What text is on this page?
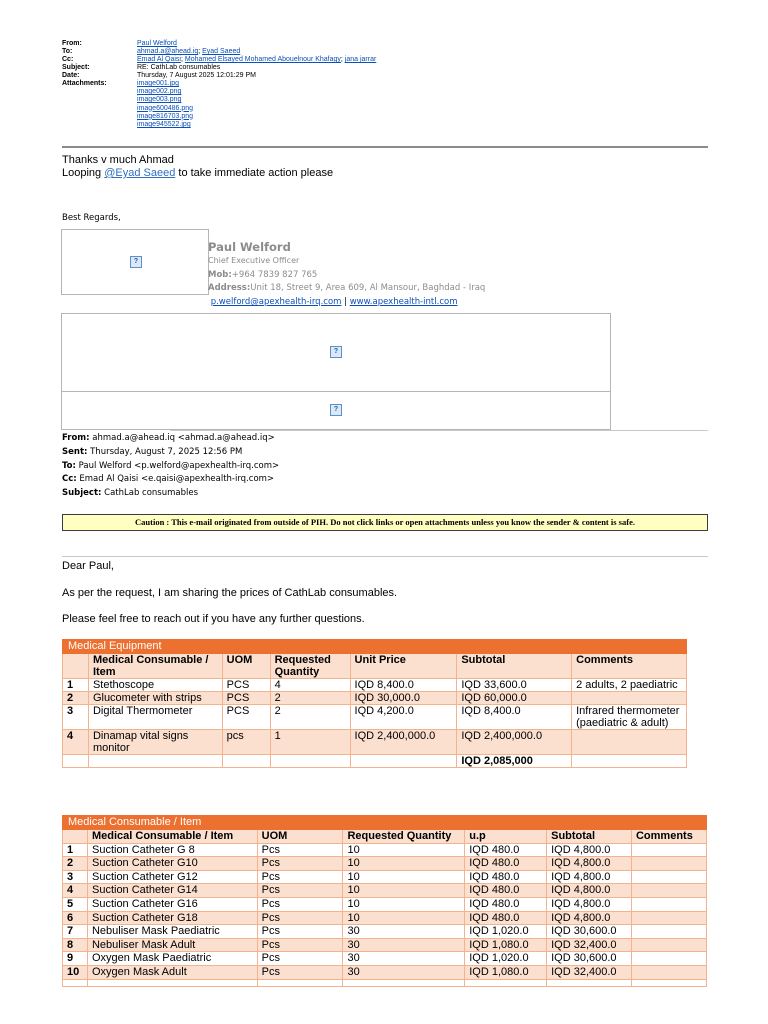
From:	Paul Welford
To:	ahmad.a@ahead.iq; Eyad Saeed
Cc:	Emad Al Qaisi; Mohamed Elsayed Mohamed Abouelnour Khafagy; jana jarrar
Subject:	RE: CathLab consumables
Date:	Thursday, 7 August 2025 12:01:29 PM
Attachments:	image001.jpg
image002.png
image003.png
image600486.png
image816703.png
image945522.jpg
Thanks v much Ahmad
Looping @Eyad Saeed to take immediate action please
Best Regards,
?
Paul Welford
Chief Executive Officer
Mob:+964 7839 827 765
Address:Unit 18, Street 9, Area 609, Al Mansour, Baghdad - Iraq
p.welford@apexhealth-irq.com | www.apexhealth-intl.com
?
?
From: ahmad.a@ahead.iq <ahmad.a@ahead.iq>
Sent: Thursday, August 7, 2025 12:56 PM
To: Paul Welford <p.welford@apexhealth-irq.com>
Cc: Emad Al Qaisi <e.qaisi@apexhealth-irq.com>
Subject: CathLab consumables
Caution : This e-mail originated from outside of PIH. Do not click links or open attachments unless you know the sender & content is safe.
Dear Paul,
As per the request, I am sharing the prices of CathLab consumables.
Please feel free to reach out if you have any further questions.
Medical Equipment						
	Medical Consumable / Item	UOM	Requested Quantity	Unit Price	Subtotal	Comments
1	Stethoscope	PCS	4	IQD 8,400.0	IQD 33,600.0	2 adults, 2 paediatric
2	Glucometer with strips	PCS	2	IQD 30,000.0	IQD 60,000.0	
3	Digital Thermometer	PCS	2	IQD 4,200.0	IQD 8,400.0	Infrared thermometer (paediatric & adult)
4	Dinamap vital signs monitor	pcs	1	IQD 2,400,000.0	IQD 2,400,000.0	
					IQD 2,085,000	
Medical Consumable / Item						
	Medical Consumable / Item	UOM	Requested Quantity	u.p	Subtotal	Comments
1	Suction Catheter G 8	Pcs	10	IQD 480.0	IQD 4,800.0	
2	Suction Catheter G10	Pcs	10	IQD 480.0	IQD 4,800.0	
3	Suction Catheter G12	Pcs	10	IQD 480.0	IQD 4,800.0	
4	Suction Catheter G14	Pcs	10	IQD 480.0	IQD 4,800.0	
5	Suction Catheter G16	Pcs	10	IQD 480.0	IQD 4,800.0	
6	Suction Catheter G18	Pcs	10	IQD 480.0	IQD 4,800.0	
7	Nebuliser Mask Paediatric	Pcs	30	IQD 1,020.0	IQD 30,600.0	
8	Nebuliser Mask Adult	Pcs	30	IQD 1,080.0	IQD 32,400.0	
9	Oxygen Mask Paediatric	Pcs	30	IQD 1,020.0	IQD 30,600.0	
10	Oxygen Mask Adult	Pcs	30	IQD 1,080.0	IQD 32,400.0	
